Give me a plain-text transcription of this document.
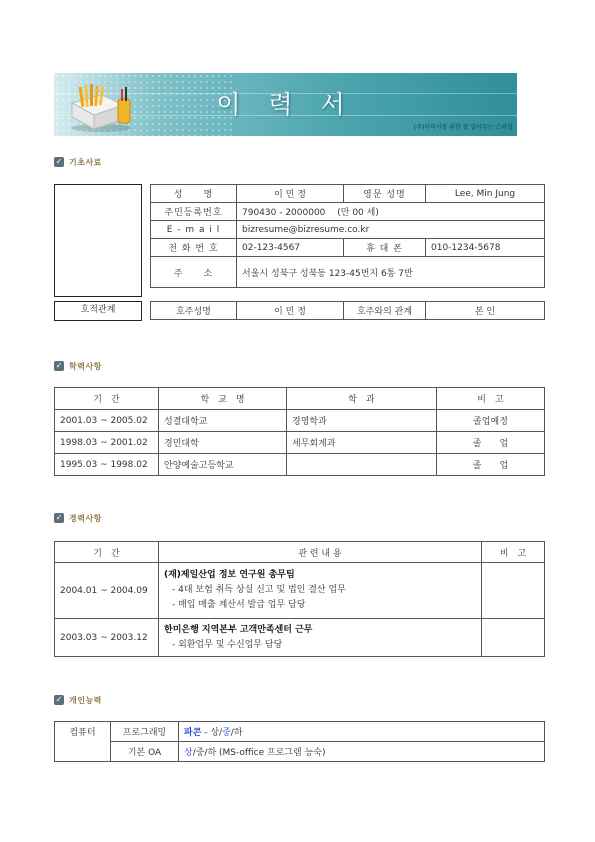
이 력 서
(주)이력서를 위한 잘 알아두는 스타일
✓ 기초사료
성　　명	이 민 정	영문 성명	Lee, Min Jung
주민등록번호	790430 - 2000000　 (만 00 세)		
E - m a i l	bizresume@bizresume.co.kr		
전 화 번 호	02-123-4567	휴 대 폰	010-1234-5678
주　　소	서울시 성북구 성북동 123-45번지 6통 7반		
호적관계	호주성명	이 민 정	호주와의 관계	본 인
✓ 학력사항
기　간	학　교　명	학　과	비　고
2001.03 ~ 2005.02	성결대학교	경영학과	졸업예정
1998.03 ~ 2001.02	경민대학	세무회계과	졸　　업
1995.03 ~ 1998.02	안양예술고등학교		졸　　업
✓ 경력사항
기　간	관 련 내 용	비　고
2004.01 ~ 2004.09	(재)제일산업 정보 연구원 총무팀
- 4대 보험 취득 상실 신고 및 법인 결산 업무
- 매입 매출 계산서 발급 업무 담당	

2003.03 ~ 2003.12	한미은행 지역본부 고객만족센터 근무
- 외환업무 및 수신업무 담당	

✓ 개인능력
컴퓨터	프로그래밍	파콘 - 상/중/하
	기본 OA	상/중/하 (MS-office 프로그램 능숙)
